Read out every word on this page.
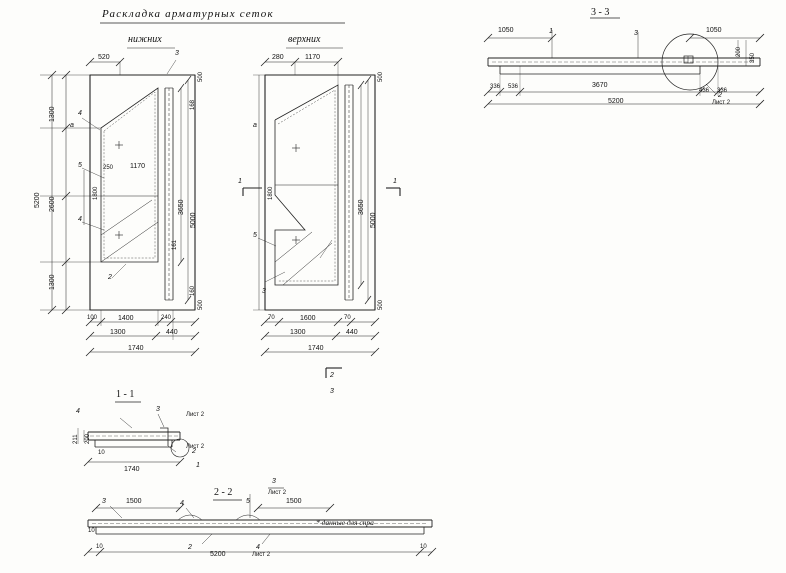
Раскладка арматурных сеток
нижних	верхних
520
1300
2600
1300
5200
1170
250
1800
161
168
160
3650
5000
500
500
100	1400	240
1300	440
1740
4
5
4
2
а
3
280	1170
1800
3650
5000
500
500
а
70	1600	70
1300	440
1740
5
3
1	1
2
3
3 - 3
1050	1050
1	3
336 536	3670
436 336
200
350
5200
2
Лист 2
1 - 1
4	3
Лист 2
211 200
10
Лист 2
1
2
1740
2 - 2
3
Лист 2
3	1500	4	5	1500
10
10	10
2	4
Лист 2
5200
* данные для спра
